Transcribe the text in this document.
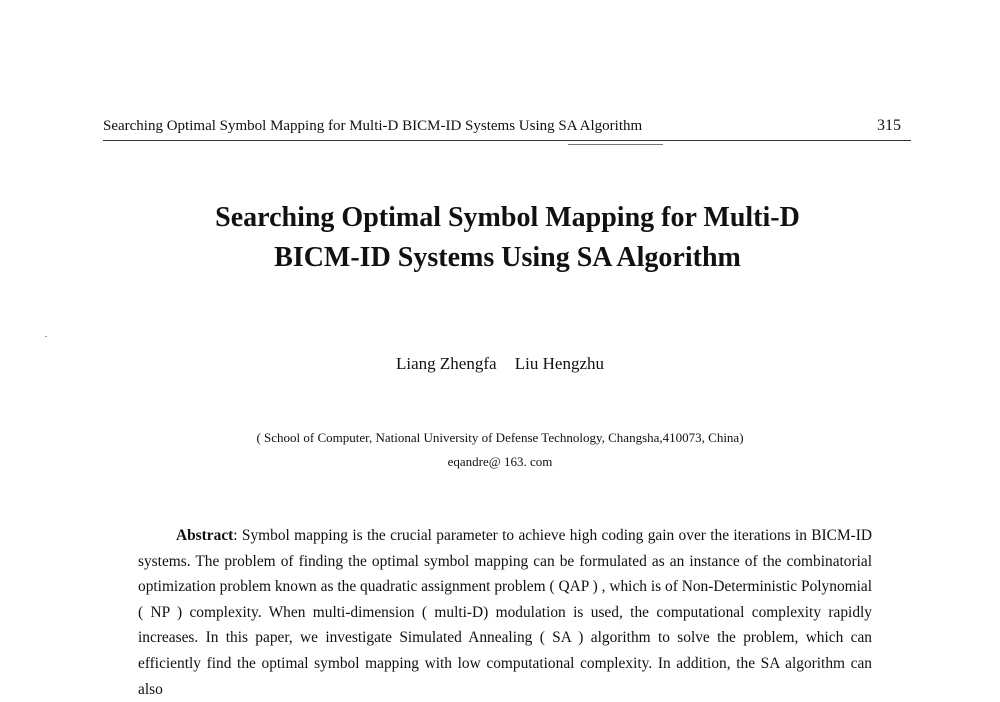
Searching Optimal Symbol Mapping for Multi-D BICM-ID Systems Using SA Algorithm	315
Searching Optimal Symbol Mapping for Multi-D
BICM-ID Systems Using SA Algorithm
Liang Zhengfa Liu Hengzhu
( School of Computer, National University of Defense Technology, Changsha,410073, China)
eqandre@ 163. com
Abstract: Symbol mapping is the crucial parameter to achieve high coding gain over the iterations in BICM-ID systems. The problem of finding the optimal symbol mapping can be formulated as an instance of the combinatorial optimization problem known as the quadratic assignment problem ( QAP ) , which is of Non-Deterministic Polynomial ( NP ) complexity. When multi-dimension ( multi-D) modulation is used, the computational complexity rapidly increases. In this paper, we investigate Simulated Annealing ( SA ) algorithm to solve the problem, which can efficiently find the optimal symbol mapping with low computational complexity. In addition, the SA algorithm can also
